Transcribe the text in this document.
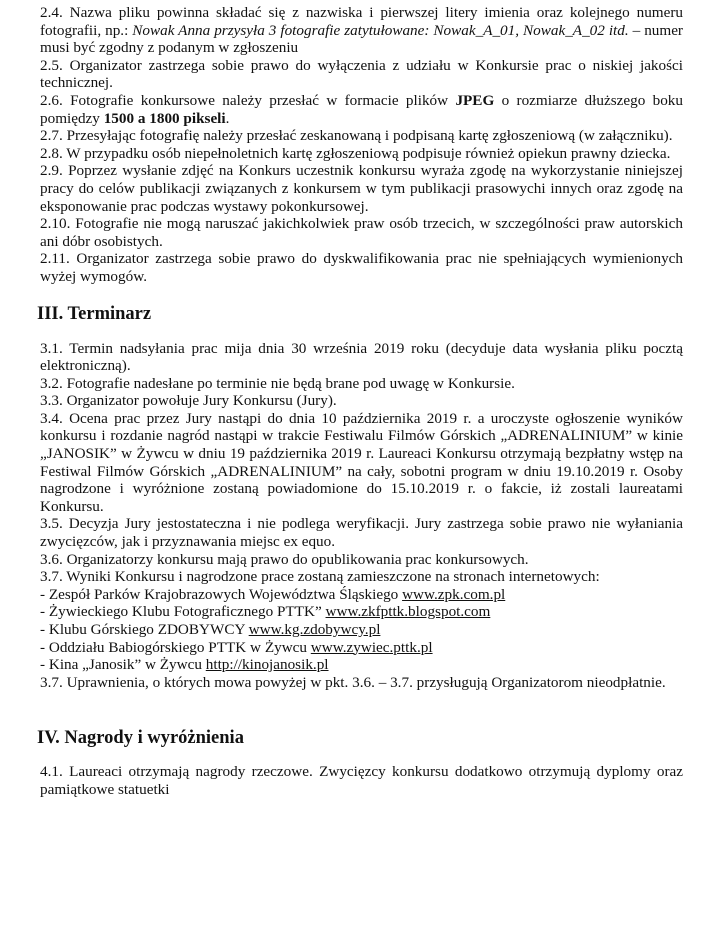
2.4. Nazwa pliku powinna składać się z nazwiska i pierwszej litery imienia oraz kolejnego numeru fotografii, np.: Nowak Anna przysyła 3 fotografie zatytułowane: Nowak_A_01, Nowak_A_02 itd. – numer musi być zgodny z podanym w zgłoszeniu

2.5. Organizator zastrzega sobie prawo do wyłączenia z udziału w Konkursie prac o niskiej jakości technicznej.

2.6. Fotografie konkursowe należy przesłać w formacie plików JPEG o rozmiarze dłuższego boku pomiędzy 1500 a 1800 pikseli.

2.7. Przesyłając fotografię należy przesłać zeskanowaną i podpisaną kartę zgłoszeniową (w załączniku).

2.8. W przypadku osób niepełnoletnich kartę zgłoszeniową podpisuje również opiekun prawny dziecka.

2.9. Poprzez wysłanie zdjęć na Konkurs uczestnik konkursu wyraża zgodę na wykorzystanie niniejszej pracy do celów publikacji związanych z konkursem w tym publikacji prasowychi innych oraz zgodę na eksponowanie prac podczas wystawy pokonkursowej.

2.10. Fotografie nie mogą naruszać jakichkolwiek praw osób trzecich, w szczególności praw autorskich ani dóbr osobistych.

2.11. Organizator zastrzega sobie prawo do dyskwalifikowania prac nie spełniających wymienionych wyżej wymogów.

III. Terminarz

3.1. Termin nadsyłania prac mija dnia 30 września 2019 roku (decyduje data wysłania pliku pocztą elektroniczną).

3.2. Fotografie nadesłane po terminie nie będą brane pod uwagę w Konkursie.

3.3. Organizator powołuje Jury Konkursu (Jury).

3.4. Ocena prac przez Jury nastąpi do dnia 10 października 2019 r. a uroczyste ogłoszenie wyników konkursu i rozdanie nagród nastąpi w trakcie Festiwalu Filmów Górskich „ADRENALINIUM” w kinie „JANOSIK” w Żywcu w dniu 19 października 2019 r. Laureaci Konkursu otrzymają bezpłatny wstęp na Festiwal Filmów Górskich „ADRENALINIUM” na cały, sobotni program w dniu 19.10.2019 r. Osoby nagrodzone i wyróżnione zostaną powiadomione do 15.10.2019 r. o fakcie, iż zostali laureatami Konkursu.

3.5. Decyzja Jury jestostateczna i nie podlega weryfikacji. Jury zastrzega sobie prawo nie wyłaniania zwycięzców, jak i przyznawania miejsc ex equo.

3.6. Organizatorzy konkursu mają prawo do opublikowania prac konkursowych.

3.7. Wyniki Konkursu i nagrodzone prace zostaną zamieszczone na stronach internetowych:

- Zespół Parków Krajobrazowych Województwa Śląskiego www.zpk.com.pl

- Żywieckiego Klubu Fotograficznego PTTK” www.zkfpttk.blogspot.com

- Klubu Górskiego ZDOBYWCY www.kg.zdobywcy.pl

- Oddziału Babiogórskiego PTTK w Żywcu www.zywiec.pttk.pl

- Kina „Janosik” w Żywcu http://kinojanosik.pl

3.7. Uprawnienia, o których mowa powyżej w pkt. 3.6. – 3.7. przysługują Organizatorom nieodpłatnie.

IV. Nagrody i wyróżnienia

4.1. Laureaci otrzymają nagrody rzeczowe. Zwycięzcy konkursu dodatkowo otrzymują dyplomy oraz pamiątkowe statuetki
